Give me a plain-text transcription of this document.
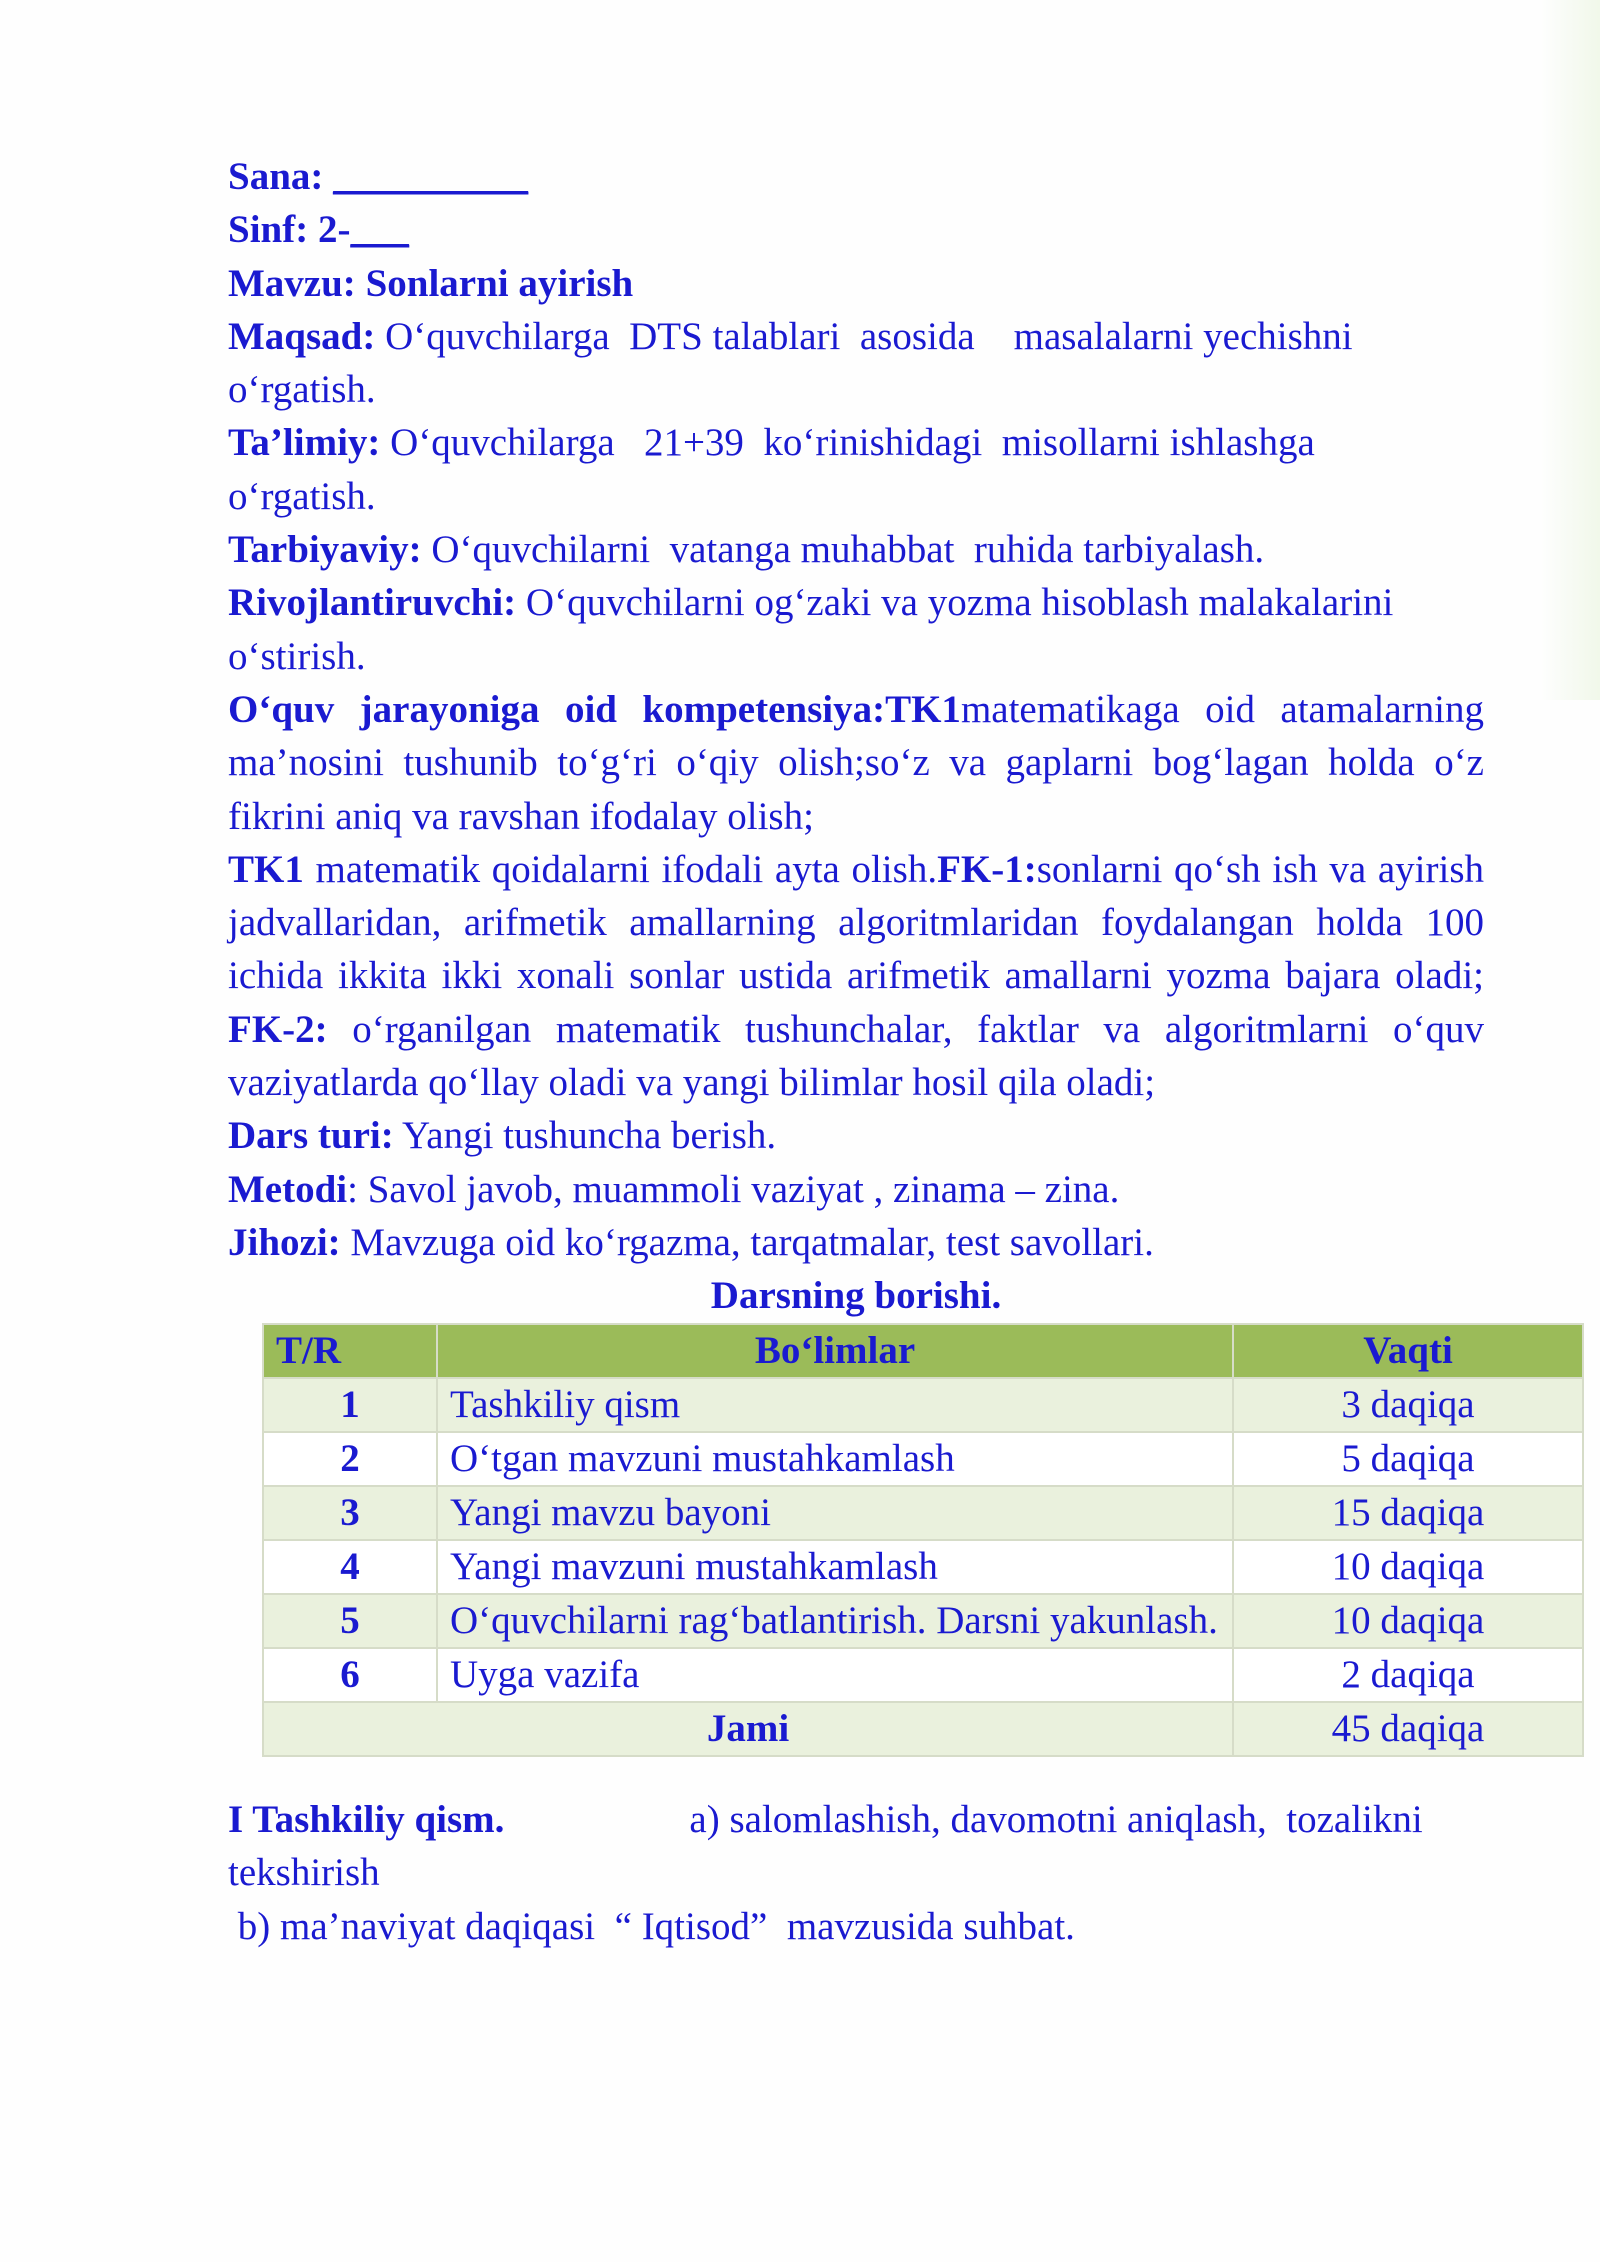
Sana: __________
Sinf: 2-___
Mavzu: Sonlarni ayirish
Maqsad: O‘quvchilarga  DTS talablari  asosida    masalalarni yechishni
o‘rgatish.
Ta’limiy: O‘quvchilarga   21+39  ko‘rinishidagi  misollarni ishlashga
o‘rgatish.
Tarbiyaviy: O‘quvchilarni  vatanga muhabbat  ruhida tarbiyalash.
Rivojlantiruvchi: O‘quvchilarni og‘zaki va yozma hisoblash malakalarini
o‘stirish.
O‘quv jarayoniga oid kompetensiya:TK1matematikaga oid atamalarning ma’nosini tushunib to‘g‘ri o‘qiy olish;so‘z va gaplarni bog‘lagan holda o‘z fikrini aniq va ravshan ifodalay olish;
TK1 matematik qoidalarni ifodali ayta olish.FK-1:sonlarni qo‘sh ish va ayirish jadvallaridan, arifmetik amallarning algoritmlaridan foydalangan holda 100 ichida ikkita ikki xonali sonlar ustida arifmetik amallarni yozma bajara oladi; FK-2: o‘rganilgan matematik tushunchalar, faktlar va algoritmlarni o‘quv vaziyatlarda qo‘llay oladi va yangi bilimlar hosil qila oladi;
Dars turi: Yangi tushuncha berish.
Metodi: Savol javob, muammoli vaziyat , zinama – zina.
Jihozi: Mavzuga oid ko‘rgazma, tarqatmalar, test savollari.
Darsning borishi.
T/R	Bo‘limlar	Vaqti
1	Tashkiliy qism	3 daqiqa
2	O‘tgan mavzuni mustahkamlash	5 daqiqa
3	Yangi mavzu bayoni	15 daqiqa
4	Yangi mavzuni mustahkamlash	10 daqiqa
5	O‘quvchilarni rag‘batlantirish. Darsni yakunlash.	10 daqiqa
6	Uyga vazifa	2 daqiqa
Jami		45 daqiqa
I Tashkiliy qism.	a) salomlashish, davomotni aniqlash,  tozalikni
tekshirish
b) ma’naviyat daqiqasi  “ Iqtisod”  mavzusida suhbat.
